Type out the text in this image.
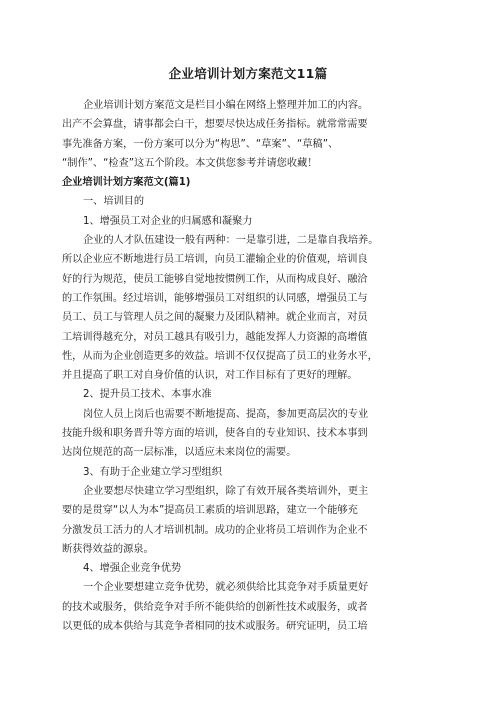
企业培训计划方案范文11篇
企业培训计划方案范文是栏目小编在网络上整理并加工的内容。
出产不会算盘，请事都会白干，想要尽快达成任务指标。就常常需要
事先准备方案，一份方案可以分为“构思”、“草案”、“草稿”、
“制作”、“检查”这五个阶段。本文供您参考并请您收藏！
企业培训计划方案范文(篇1)
一、培训目的
1、增强员工对企业的归属感和凝聚力
企业的人才队伍建设一般有两种：一是靠引进，二是靠自我培养。
所以企业应不断地进行员工培训，向员工灌输企业的价值观，培训良
好的行为规范，使员工能够自觉地按惯例工作，从而构成良好、融洽
的工作氛围。经过培训，能够增强员工对组织的认同感，增强员工与
员工、员工与管理人员之间的凝聚力及团队精神。就企业而言，对员
工培训得越充分，对员工越具有吸引力，越能发挥人力资源的高增值
性，从而为企业创造更多的效益。培训不仅仅提高了员工的业务水平，
并且提高了职工对自身价值的认识，对工作目标有了更好的理解。
2、提升员工技术、本事水准
岗位人员上岗后也需要不断地提高、提高，参加更高层次的专业
技能升级和职务晋升等方面的培训，使各自的专业知识、技术本事到
达岗位规范的高一层标准，以适应未来岗位的需要。
3、有助于企业建立学习型组织
企业要想尽快建立学习型组织，除了有效开展各类培训外，更主
要的是贯穿“以人为本”提高员工素质的培训思路，建立一个能够充
分激发员工活力的人才培训机制。成功的企业将员工培训作为企业不
断获得效益的源泉。
4、增强企业竞争优势
一个企业要想建立竞争优势，就必须供给比其竞争对手质量更好
的技术或服务，供给竞争对手所不能供给的创新性技术或服务，或者
以更低的成本供给与其竞争者相同的技术或服务。研究证明，员工培
